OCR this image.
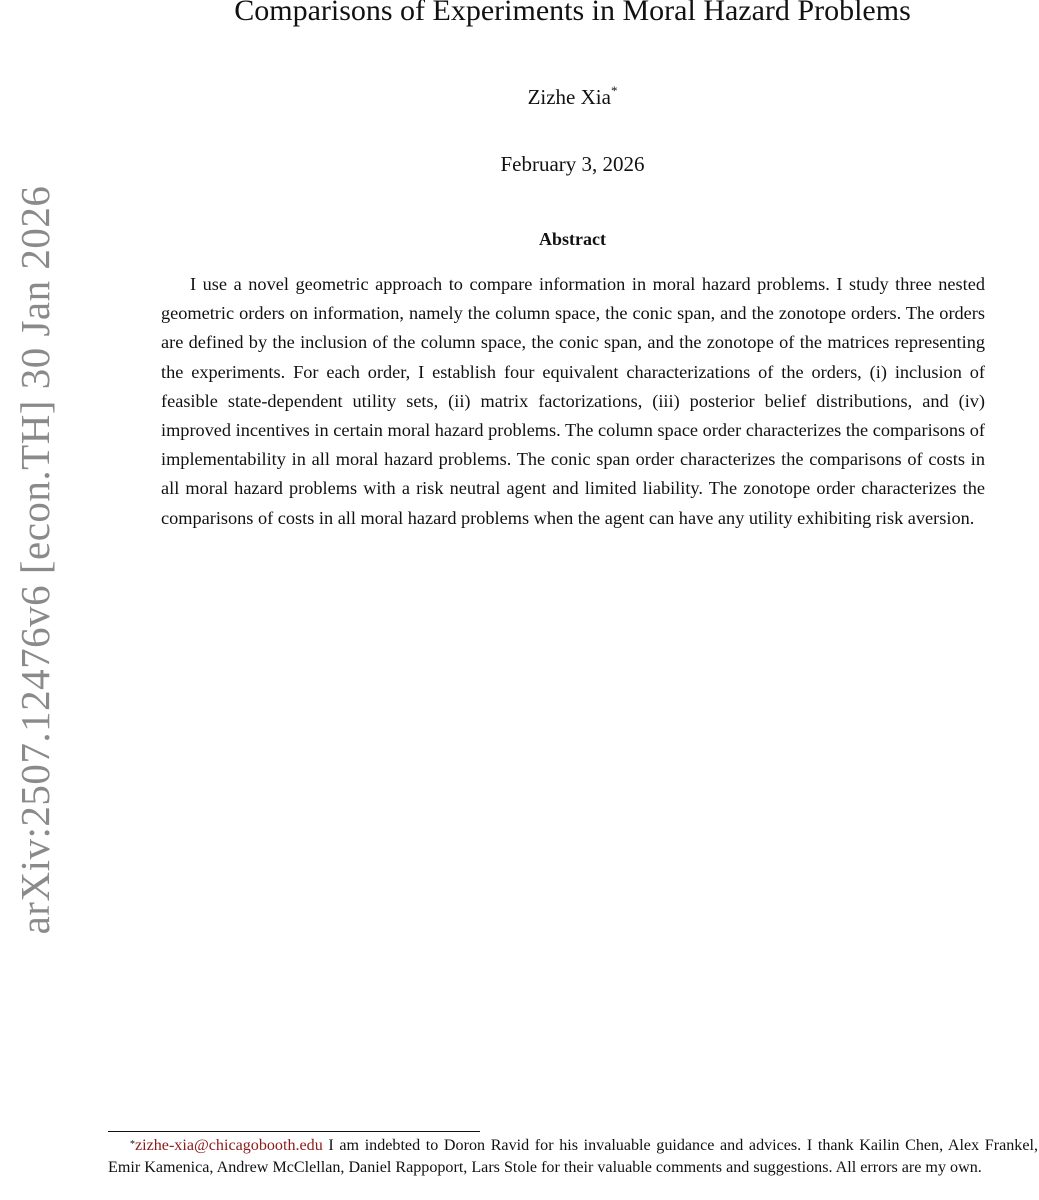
arXiv:2507.12476v6 [econ.TH] 30 Jan 2026
Comparisons of Experiments in Moral Hazard Problems
Zizhe Xia*
February 3, 2026
Abstract

I use a novel geometric approach to compare information in moral hazard problems. I study three nested geometric orders on information, namely the column space, the conic span, and the zonotope orders. The orders are defined by the inclusion of the column space, the conic span, and the zonotope of the matrices representing the experiments. For each order, I establish four equivalent characterizations of the orders, (i) inclusion of feasible state-dependent utility sets, (ii) matrix factorizations, (iii) posterior belief distributions, and (iv) improved incentives in certain moral hazard problems. The column space order characterizes the comparisons of implementability in all moral hazard problems. The conic span order characterizes the comparisons of costs in all moral hazard problems with a risk neutral agent and limited liability. The zonotope order characterizes the comparisons of costs in all moral hazard problems when the agent can have any utility exhibiting risk aversion.

*zizhe-xia@chicagobooth.edu I am indebted to Doron Ravid for his invaluable guidance and advices. I thank Kailin Chen, Alex Frankel, Emir Kamenica, Andrew McClellan, Daniel Rappoport, Lars Stole for their valuable comments and suggestions. All errors are my own.
